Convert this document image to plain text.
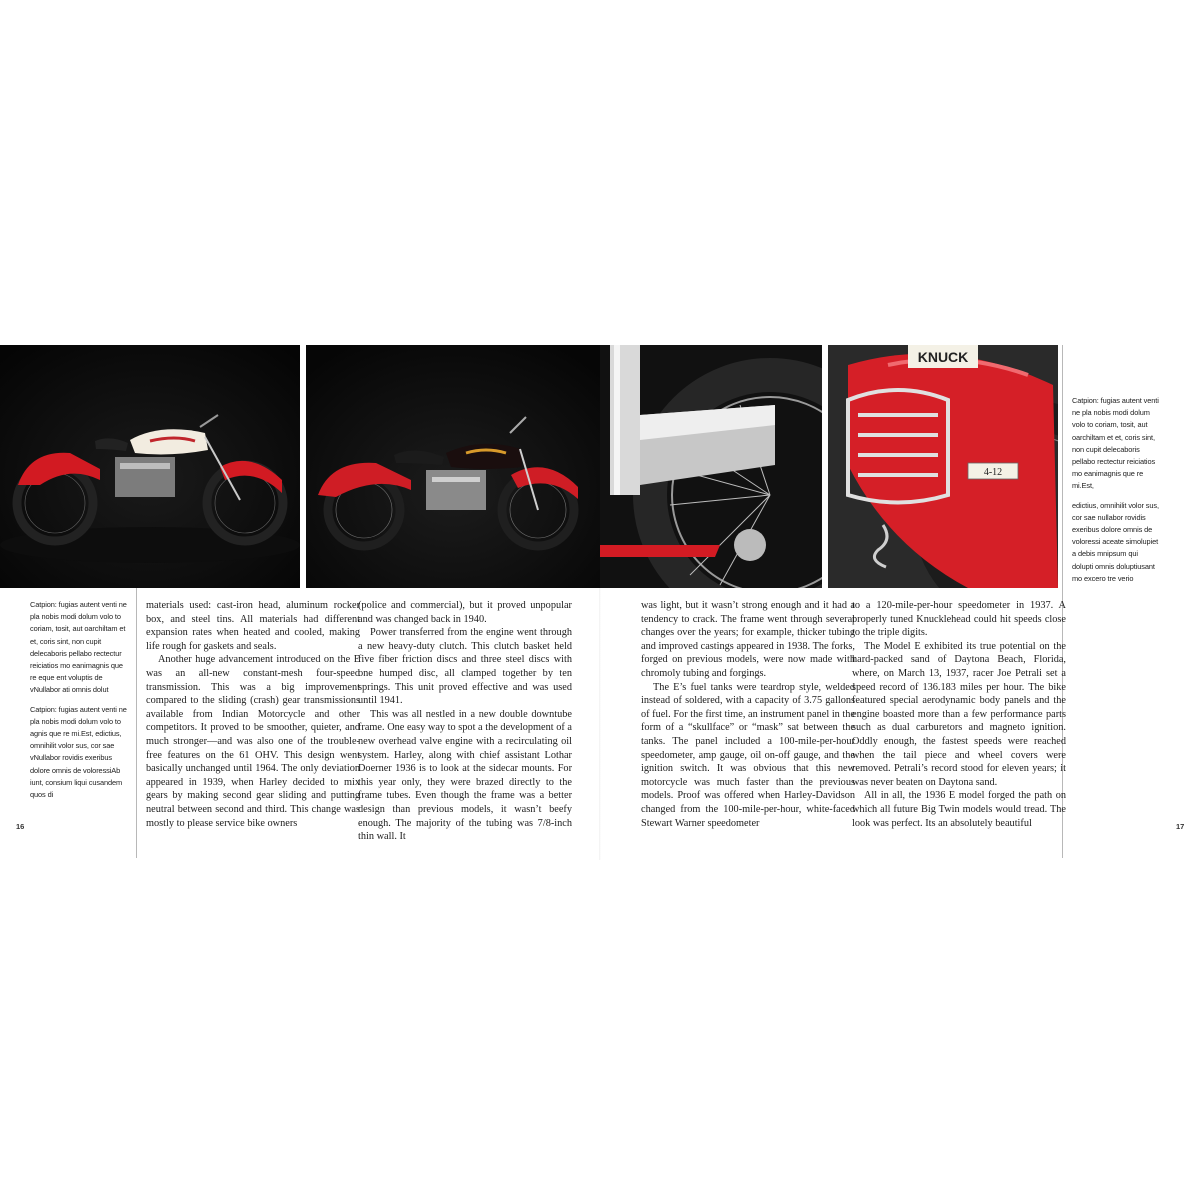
KNUCK
4-12

Catpion: fugias autent venti ne pla nobis modi dolum volo to coriam, tosit, aut oarchiltam et et, coris sint, non cupit delecaboris pellabo rectectur reiciatios mo eanimagnis que re eque ent voluptis de vNullabor ati omnis dolut

Catpion: fugias autent venti ne pla nobis modi dolum volo to agnis que re mi.Est, edictius, omnihilit volor sus, cor sae vNullabor rovidis exeribus dolore omnis de voloressiAb iunt, consium liqui cusandem quos di

Catpion: fugias autent venti ne pla nobis modi dolum volo to coriam, tosit, aut oarchiltam et et, coris sint, non cupit delecaboris pellabo rectectur reiciatios mo eanimagnis que re mi.Est,

edictius, omnihilit volor sus, cor sae nullabor rovidis exeribus dolore omnis de voloressi aceate simolupiet a debis mnipsum qui dolupti omnis doluptiusant mo excero tre verio

materials used: cast-iron head, aluminum rocker box, and steel tins. All materials had different expansion rates when heated and cooled, making life rough for gaskets and seals.

Another huge advancement introduced on the E was an all-new constant-mesh four-speed transmission. This was a big improvement compared to the sliding (crash) gear transmissions available from Indian Motorcycle and other competitors. It proved to be smoother, quieter, and much stronger—and was also one of the trouble-free features on the 61 OHV. This design went basically unchanged until 1964. The only deviation appeared in 1939, when Harley decided to mix gears by making second gear sliding and putting neutral between second and third. This change was mostly to please service bike owners

(police and commercial), but it proved unpopular and was changed back in 1940.

Power transferred from the engine went through a new heavy-duty clutch. This clutch basket held five fiber friction discs and three steel discs with one humped disc, all clamped together by ten springs. This unit proved effective and was used until 1941.

This was all nestled in a new double downtube frame. One easy way to spot a the development of a new overhead valve engine with a recirculating oil system. Harley, along with chief assistant Lothar Doerner 1936 is to look at the sidecar mounts. For this year only, they were brazed directly to the frame tubes. Even though the frame was a better design than previous models, it wasn’t beefy enough. The majority of the tubing was 7/8-inch thin wall. It

was light, but it wasn’t strong enough and it had a tendency to crack. The frame went through several changes over the years; for example, thicker tubing and improved castings appeared in 1938. The forks, forged on previous models, were now made with chromoly tubing and forgings.

The E’s fuel tanks were teardrop style, welded instead of soldered, with a capacity of 3.75 gallons of fuel. For the first time, an instrument panel in the form of a “skullface” or “mask” sat between the tanks. The panel included a 100-mile-per-hour speedometer, amp gauge, oil on-off gauge, and the ignition switch. It was obvious that this new motorcycle was much faster than the previous models. Proof was offered when Harley-Davidson changed from the 100-mile-per-hour, white-faced Stewart Warner speedometer

to a 120-mile-per-hour speedometer in 1937. A properly tuned Knucklehead could hit speeds close to the triple digits.

The Model E exhibited its true potential on the hard-packed sand of Daytona Beach, Florida, where, on March 13, 1937, racer Joe Petrali set a speed record of 136.183 miles per hour. The bike featured special aerodynamic body panels and the engine boasted more than a few performance parts such as dual carburetors and magneto ignition. Oddly enough, the fastest speeds were reached when the tail piece and wheel covers were removed. Petrali’s record stood for eleven years; it was never beaten on Daytona sand.

All in all, the 1936 E model forged the path on which all future Big Twin models would tread. The look was perfect. Its an absolutely beautiful

16	17
